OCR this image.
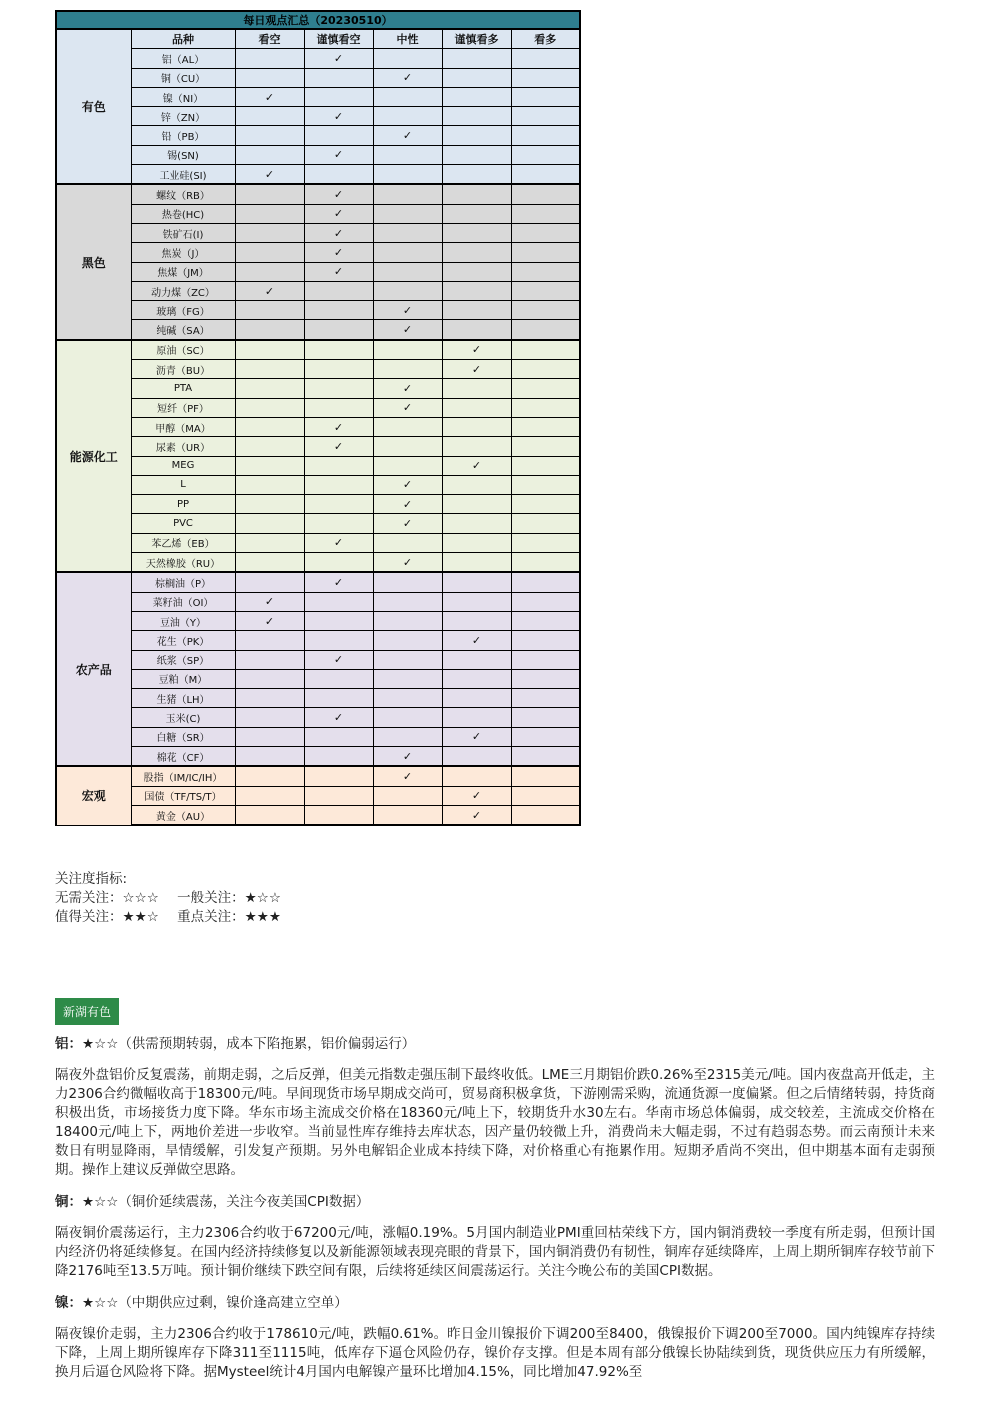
每日观点汇总（20230510）						
有色	品种	看空	谨慎看空	中性	谨慎看多	看多
	铝（AL）		✓			
	铜（CU）			✓		
	镍（NI）	✓				
	锌（ZN）		✓			
	铅（PB）			✓		
	锡(SN)		✓			
	工业硅(SI)	✓				
黑色	螺纹（RB）		✓			
	热卷(HC)		✓			
	铁矿石(I)		✓			
	焦炭（J）		✓			
	焦煤（JM）		✓			
	动力煤（ZC）	✓				
	玻璃（FG）			✓		
	纯碱（SA）			✓		
能源化工	原油（SC）				✓	
	沥青（BU）				✓	
	PTA			✓		
	短纤（PF）			✓		
	甲醇（MA）		✓			
	尿素（UR）		✓			
	MEG				✓	
	L			✓		
	PP			✓		
	PVC			✓		
	苯乙烯（EB）		✓			
	天然橡胶（RU）			✓		
农产品	棕榈油（P）		✓			
	菜籽油（OI）	✓				
	豆油（Y）	✓				
	花生（PK）				✓	
	纸浆（SP）		✓			
	豆粕（M）					
	生猪（LH）					
	玉米(C)		✓			
	白糖（SR）				✓	
	棉花（CF）			✓		
宏观	股指（IM/IC/IH）			✓		
	国债（TF/TS/T）				✓	
	黄金（AU）				✓	
关注度指标:
无需关注：☆☆☆ 一般关注：★☆☆
值得关注：★★☆ 重点关注：★★★
新湖有色

铝：★☆☆（供需预期转弱，成本下陷拖累，铝价偏弱运行）

隔夜外盘铝价反复震荡，前期走弱，之后反弹，但美元指数走强压制下最终收低。LME三月期铝价跌0.26%至2315美元/吨。国内夜盘高开低走，主力2306合约微幅收高于18300元/吨。早间现货市场早期成交尚可，贸易商积极拿货，下游刚需采购，流通货源一度偏紧。但之后情绪转弱，持货商积极出货，市场接货力度下降。华东市场主流成交价格在18360元/吨上下，较期货升水30左右。华南市场总体偏弱，成交较差，主流成交价格在18400元/吨上下，两地价差进一步收窄。当前显性库存维持去库状态，因产量仍较微上升，消费尚未大幅走弱，不过有趋弱态势。而云南预计未来数日有明显降雨，旱情缓解，引发复产预期。另外电解铝企业成本持续下降，对价格重心有拖累作用。短期矛盾尚不突出，但中期基本面有走弱预期。操作上建议反弹做空思路。

铜：★☆☆（铜价延续震荡，关注今夜美国CPI数据）

隔夜铜价震荡运行，主力2306合约收于67200元/吨，涨幅0.19%。5月国内制造业PMI重回枯荣线下方，国内铜消费较一季度有所走弱，但预计国内经济仍将延续修复。在国内经济持续修复以及新能源领域表现亮眼的背景下，国内铜消费仍有韧性，铜库存延续降库，上周上期所铜库存较节前下降2176吨至13.5万吨。预计铜价继续下跌空间有限，后续将延续区间震荡运行。关注今晚公布的美国CPI数据。

镍：★☆☆（中期供应过剩，镍价逢高建立空单）

隔夜镍价走弱，主力2306合约收于178610元/吨，跌幅0.61%。昨日金川镍报价下调200至8400，俄镍报价下调200至7000。国内纯镍库存持续下降，上周上期所镍库存下降311至1115吨，低库存下逼仓风险仍存，镍价存支撑。但是本周有部分俄镍长协陆续到货，现货供应压力有所缓解，换月后逼仓风险将下降。据Mysteel统计4月国内电解镍产量环比增加4.15%，同比增加47.92%至
